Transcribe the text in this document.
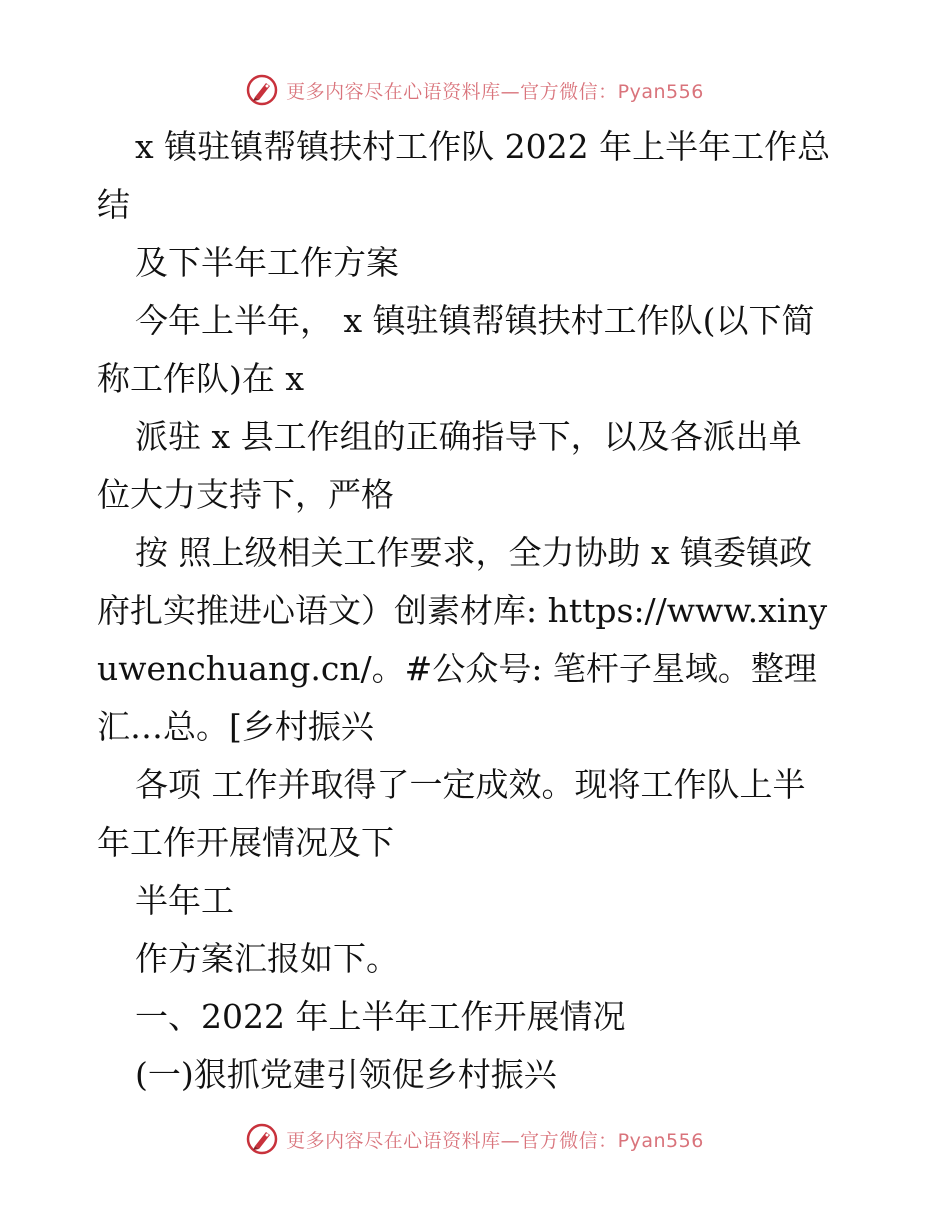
更多内容尽在心语资料库—官方微信：Pyan556
x 镇驻镇帮镇扶村工作队 2022 年上半年工作总
结
及下半年工作方案
今年上半年， x 镇驻镇帮镇扶村工作队(以下简
称工作队)在 x
派驻 x 县工作组的正确指导下，以及各派出单
位大力支持下，严格
按 照上级相关工作要求，全力协助 x 镇委镇政
府扎实推进心语文）创素材库: https://www.xiny
uwenchuang.cn/。#公众号: 笔杆子星域。整理
汇…总。[乡村振兴
各项 工作并取得了一定成效。现将工作队上半
年工作开展情况及下
半年工
作方案汇报如下。
一、2022 年上半年工作开展情况
(一)狠抓党建引领促乡村振兴
更多内容尽在心语资料库—官方微信：Pyan556
